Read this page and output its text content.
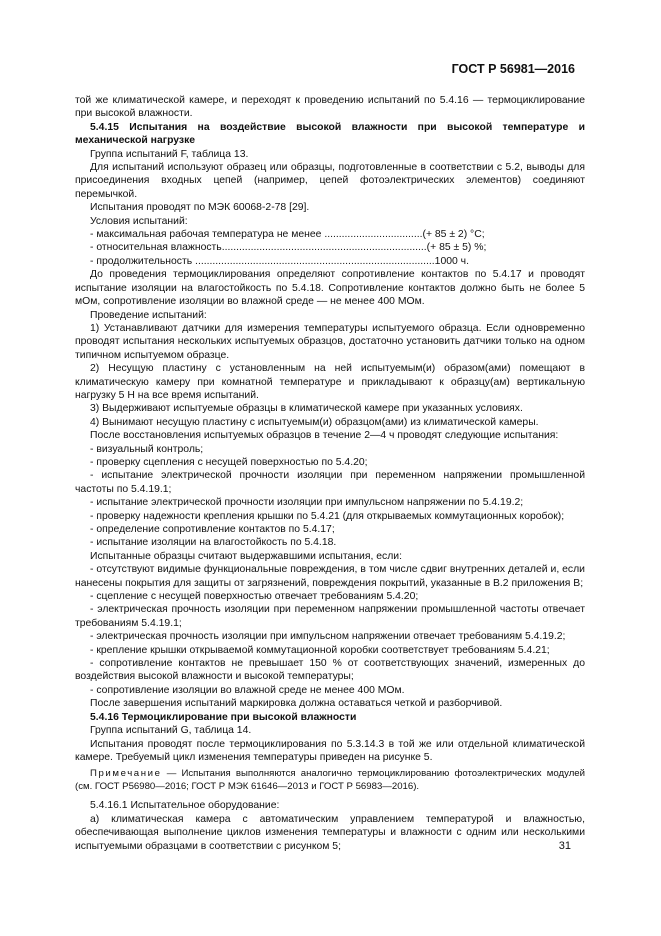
ГОСТ Р 56981—2016

той же климатической камере, и переходят к проведению испытаний по 5.4.16 — термоциклирование при высокой влажности.

5.4.15 Испытания на воздействие высокой влажности при высокой температуре и механической нагрузке

Группа испытаний F, таблица 13.

Для испытаний используют образец или образцы, подготовленные в соответствии с 5.2, выводы для присоединения входных цепей (например, цепей фотоэлектрических элементов) соединяют перемычкой.

Испытания проводят по МЭК 60068-2-78 [29].

Условия испытаний:

- максимальная рабочая температура не менее ..................................(+ 85 ± 2) °С;

- относительная влажность.......................................................................(+ 85 ± 5) %;

- продолжительность ...................................................................................1000 ч.

До проведения термоциклирования определяют сопротивление контактов по 5.4.17 и проводят испытание изоляции на влагостойкость по 5.4.18. Сопротивление контактов должно быть не более 5 мОм, сопротивление изоляции во влажной среде — не менее 400 МОм.

Проведение испытаний:

1) Устанавливают датчики для измерения температуры испытуемого образца. Если одновременно проводят испытания нескольких испытуемых образцов, достаточно установить датчики только на одном типичном испытуемом образце.

2) Несущую пластину с установленным на ней испытуемым(и) образом(ами) помещают в климатическую камеру при комнатной температуре и прикладывают к образцу(ам) вертикальную нагрузку 5 Н на все время испытаний.

3) Выдерживают испытуемые образцы в климатической камере при указанных условиях.

4) Вынимают несущую пластину с испытуемым(и) образцом(ами) из климатической камеры.

После восстановления испытуемых образцов в течение 2—4 ч проводят следующие испытания:

- визуальный контроль;

- проверку сцепления с несущей поверхностью по 5.4.20;

- испытание электрической прочности изоляции при переменном напряжении промышленной частоты по 5.4.19.1;

- испытание электрической прочности изоляции при импульсном напряжении по 5.4.19.2;

- проверку надежности крепления крышки по 5.4.21 (для открываемых коммутационных коробок);

- определение сопротивление контактов по 5.4.17;

- испытание изоляции на влагостойкость по 5.4.18.

Испытанные образцы считают выдержавшими испытания, если:

- отсутствуют видимые функциональные повреждения, в том числе сдвиг внутренних деталей и, если нанесены покрытия для защиты от загрязнений, повреждения покрытий, указанные в В.2 приложения В;

- сцепление с несущей поверхностью отвечает требованиям 5.4.20;

- электрическая прочность изоляции при переменном напряжении промышленной частоты отвечает требованиям 5.4.19.1;

- электрическая прочность изоляции при импульсном напряжении отвечает требованиям 5.4.19.2;

- крепление крышки открываемой коммутационной коробки соответствует требованиям 5.4.21;

- сопротивление контактов не превышает 150 % от соответствующих значений, измеренных до воздействия высокой влажности и высокой температуры;

- сопротивление изоляции во влажной среде не менее 400 МОм.

После завершения испытаний маркировка должна оставаться четкой и разборчивой.

5.4.16 Термоциклирование при высокой влажности

Группа испытаний G, таблица 14.

Испытания проводят после термоциклирования по 5.3.14.3 в той же или отдельной климатической камере. Требуемый цикл изменения температуры приведен на рисунке 5.

Примечание — Испытания выполняются аналогично термоциклированию фотоэлектрических модулей (см. ГОСТ Р56980—2016; ГОСТ Р МЭК 61646—2013 и ГОСТ Р 56983—2016).

5.4.16.1 Испытательное оборудование:

а) климатическая камера с автоматическим управлением температурой и влажностью, обеспечивающая выполнение циклов изменения температуры и влажности с одним или несколькими испытуемыми образцами в соответствии с рисунком 5;	31
